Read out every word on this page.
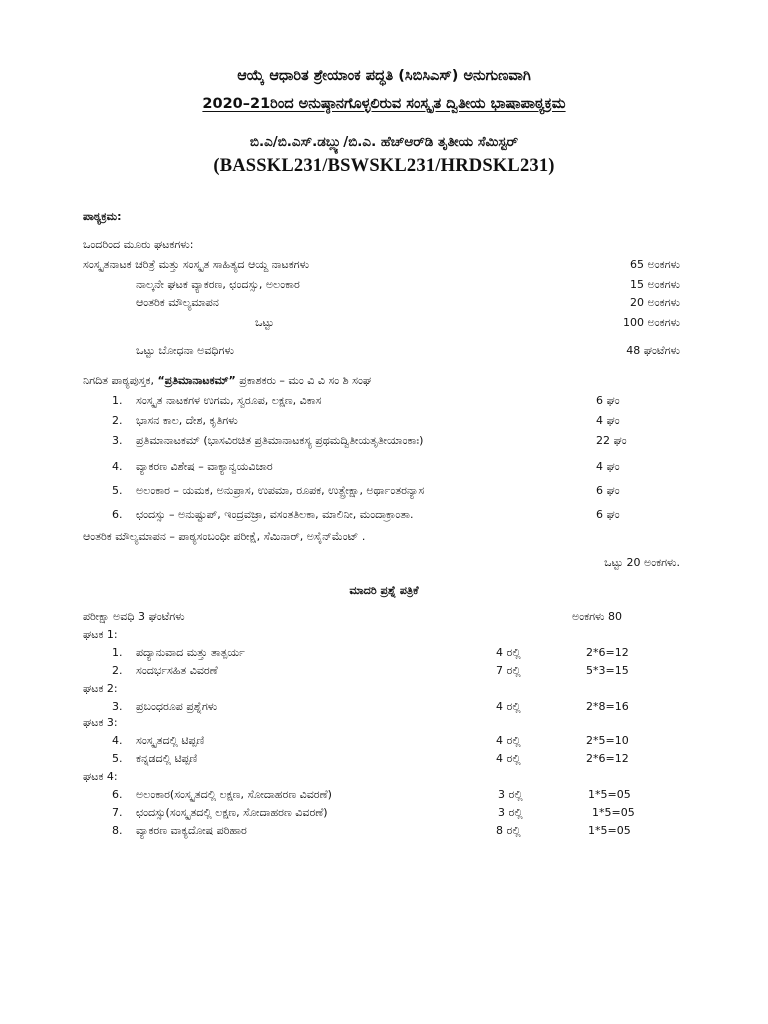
ಆಯ್ಕೆ ಆಧಾರಿತ ಶ್ರೇಯಾಂಕ ಪದ್ಧತಿ (ಸಿಬಿಸಿಎಸ್) ಅನುಗುಣವಾಗಿ
2020–21ರಿಂದ ಅನುಷ್ಠಾನಗೊಳ್ಳಲಿರುವ ಸಂಸ್ಕೃತ ದ್ವಿತೀಯ ಭಾಷಾಪಾಠ್ಯಕ್ರಮ
ಬಿ.ಎ/ಬಿ.ಎಸ್.ಡಬ್ಲ್ಯು/ಬಿ.ಎ. ಹೆಚ್ಆರ್‌ಡಿ ತೃತೀಯ ಸೆಮಿಸ್ಟರ್
(BASSKL231/BSWSKL231/HRDSKL231)
ಪಾಠ್ಯಕ್ರಮ:
ಒಂದರಿಂದ ಮೂರು ಘಟಕಗಳು:
ಸಂಸ್ಕೃತನಾಟಕ ಚರಿತ್ರೆ ಮತ್ತು ಸಂಸ್ಕೃತ ಸಾಹಿತ್ಯದ ಆಯ್ದ ನಾಟಕಗಳು	65 ಅಂಕಗಳು
ನಾಲ್ಕನೇ ಘಟಕ ವ್ಯಾಕರಣ, ಛಂದಸ್ಸು, ಅಲಂಕಾರ	15 ಅಂಕಗಳು
ಆಂತರಿಕ ಮೌಲ್ಯಮಾಪನ	20 ಅಂಕಗಳು
ಒಟ್ಟು	100 ಅಂಕಗಳು
ಒಟ್ಟು ಬೋಧನಾ ಅವಧಿಗಳು	48 ಘಂಟೆಗಳು
ನಿಗದಿತ ಪಾಠ್ಯಪುಸ್ತಕ, “ಪ್ರತಿಮಾನಾಟಕಮ್” ಪ್ರಕಾಶಕರು – ಮಂ ವಿ ವಿ ಸಂ ಶಿ ಸಂಘ
1. ಸಂಸ್ಕೃತ ನಾಟಕಗಳ ಉಗಮ, ಸ್ವರೂಪ, ಲಕ್ಷಣ, ವಿಕಾಸ	6 ಘಂ
2. ಭಾಸನ ಕಾಲ, ದೇಶ, ಕೃತಿಗಳು	4 ಘಂ
3. ಪ್ರತಿಮಾನಾಟಕಮ್ (ಭಾಸವಿರಚಿತ ಪ್ರತಿಮಾನಾಟಕಸ್ಯ ಪ್ರಥಮದ್ವಿತೀಯತೃತೀಯಾಂಕಾಃ)	22 ಘಂ
4. ವ್ಯಾಕರಣ ವಿಶೇಷ – ವಾಕ್ಯಾನ್ವಯವಿಚಾರ	4 ಘಂ
5. ಅಲಂಕಾರ – ಯಮಕ, ಅನುಪ್ರಾಸ, ಉಪಮಾ, ರೂಪಕ, ಉತ್ಪ್ರೇಕ್ಷಾ, ಅರ್ಥಾಂತರನ್ಯಾಸ	6 ಘಂ
6. ಛಂದಸ್ಸು – ಅನುಷ್ಟುಪ್, ಇಂದ್ರವಜ್ರಾ, ವಸಂತತಿಲಕಾ, ಮಾಲಿನೀ, ಮಂದಾಕ್ರಾಂತಾ.	6 ಘಂ
ಆಂತರಿಕ ಮೌಲ್ಯಮಾಪನ – ಪಾಠ್ಯಸಂಬಂಧೀ ಪರೀಕ್ಷೆ, ಸೆಮಿನಾರ್, ಅಸೈನ್‌ಮೆಂಟ್ .
ಒಟ್ಟು 20 ಅಂಕಗಳು.
ಮಾದರಿ ಪ್ರಶ್ನೆ ಪತ್ರಿಕೆ
ಪರೀಕ್ಷಾ ಅವಧಿ 3 ಘಂಟೆಗಳು	ಅಂಕಗಳು 80
ಘಟಕ 1:
1. ಪದ್ಯಾನುವಾದ ಮತ್ತು ತಾತ್ಪರ್ಯ	4 ರಲ್ಲಿ	2*6=12
2. ಸಂದರ್ಭಸಹಿತ ವಿವರಣೆ	7 ರಲ್ಲಿ	5*3=15
ಘಟಕ 2:
3. ಪ್ರಬಂಧರೂಪ ಪ್ರಶ್ನೆಗಳು	4 ರಲ್ಲಿ	2*8=16
ಘಟಕ 3:
4. ಸಂಸ್ಕೃತದಲ್ಲಿ ಟಿಪ್ಪಣಿ	4 ರಲ್ಲಿ	2*5=10
5. ಕನ್ನಡದಲ್ಲಿ ಟಿಪ್ಪಣಿ	4 ರಲ್ಲಿ	2*6=12
ಘಟಕ 4:
6. ಅಲಂಕಾರ(ಸಂಸ್ಕೃತದಲ್ಲಿ ಲಕ್ಷಣ, ಸೋದಾಹರಣ ವಿವರಣೆ)	3 ರಲ್ಲಿ	1*5=05
7. ಛಂದಸ್ಸು(ಸಂಸ್ಕೃತದಲ್ಲಿ ಲಕ್ಷಣ, ಸೋದಾಹರಣ ವಿವರಣೆ)	3 ರಲ್ಲಿ	1*5=05
8. ವ್ಯಾಕರಣ ವಾಕ್ಯದೋಷ ಪರಿಹಾರ	8 ರಲ್ಲಿ	1*5=05
